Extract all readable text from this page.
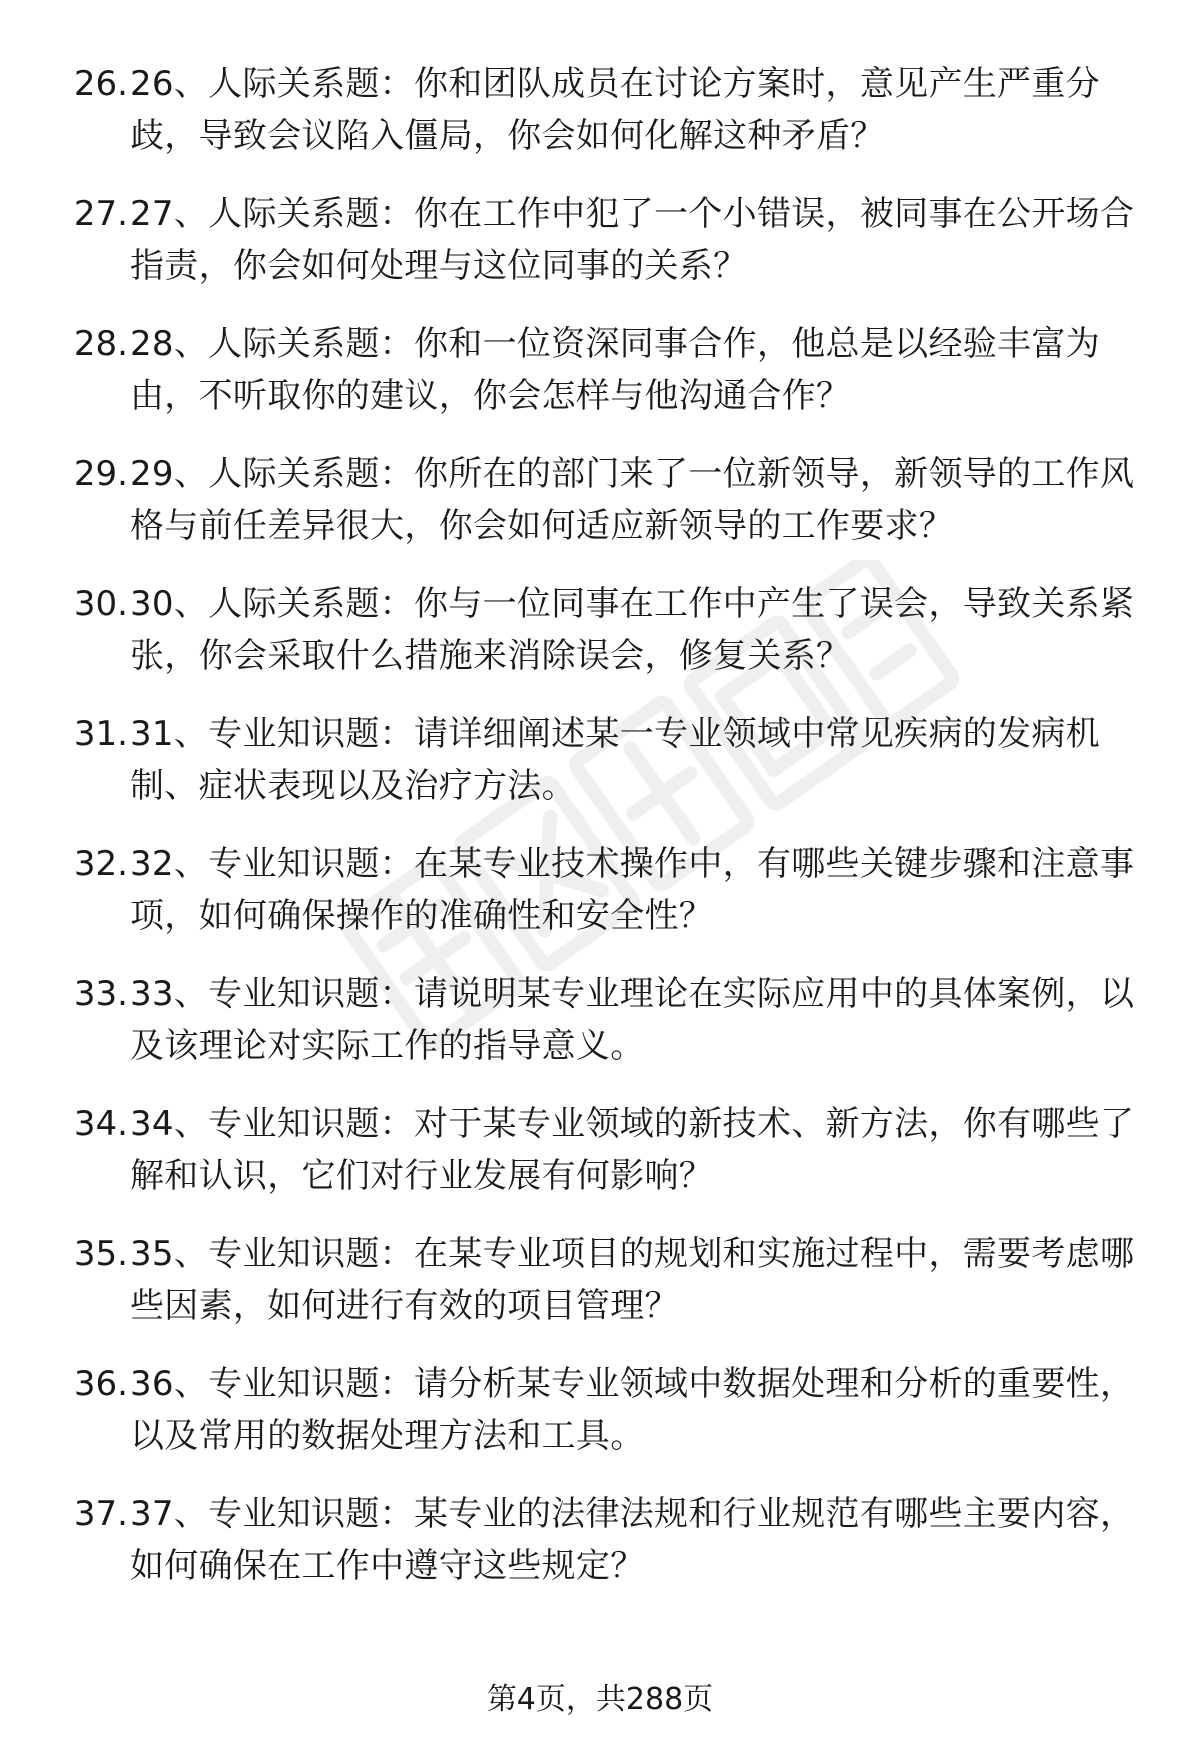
26. 26、人际关系题：你和团队成员在讨论方案时，意见产生严重分歧，导致会议陷入僵局，你会如何化解这种矛盾？
27. 27、人际关系题：你在工作中犯了一个小错误，被同事在公开场合指责，你会如何处理与这位同事的关系？
28. 28、人际关系题：你和一位资深同事合作，他总是以经验丰富为由，不听取你的建议，你会怎样与他沟通合作？
29. 29、人际关系题：你所在的部门来了一位新领导，新领导的工作风格与前任差异很大，你会如何适应新领导的工作要求？
30. 30、人际关系题：你与一位同事在工作中产生了误会，导致关系紧张，你会采取什么措施来消除误会，修复关系？
31. 31、专业知识题：请详细阐述某一专业领域中常见疾病的发病机制、症状表现以及治疗方法。
32. 32、专业知识题：在某专业技术操作中，有哪些关键步骤和注意事项，如何确保操作的准确性和安全性？
33. 33、专业知识题：请说明某专业理论在实际应用中的具体案例，以及该理论对实际工作的指导意义。
34. 34、专业知识题：对于某专业领域的新技术、新方法，你有哪些了解和认识，它们对行业发展有何影响？
35. 35、专业知识题：在某专业项目的规划和实施过程中，需要考虑哪些因素，如何进行有效的项目管理？
36. 36、专业知识题：请分析某专业领域中数据处理和分析的重要性，以及常用的数据处理方法和工具。
37. 37、专业知识题：某专业的法律法规和行业规范有哪些主要内容，如何确保在工作中遵守这些规定？
第4页，共288页
